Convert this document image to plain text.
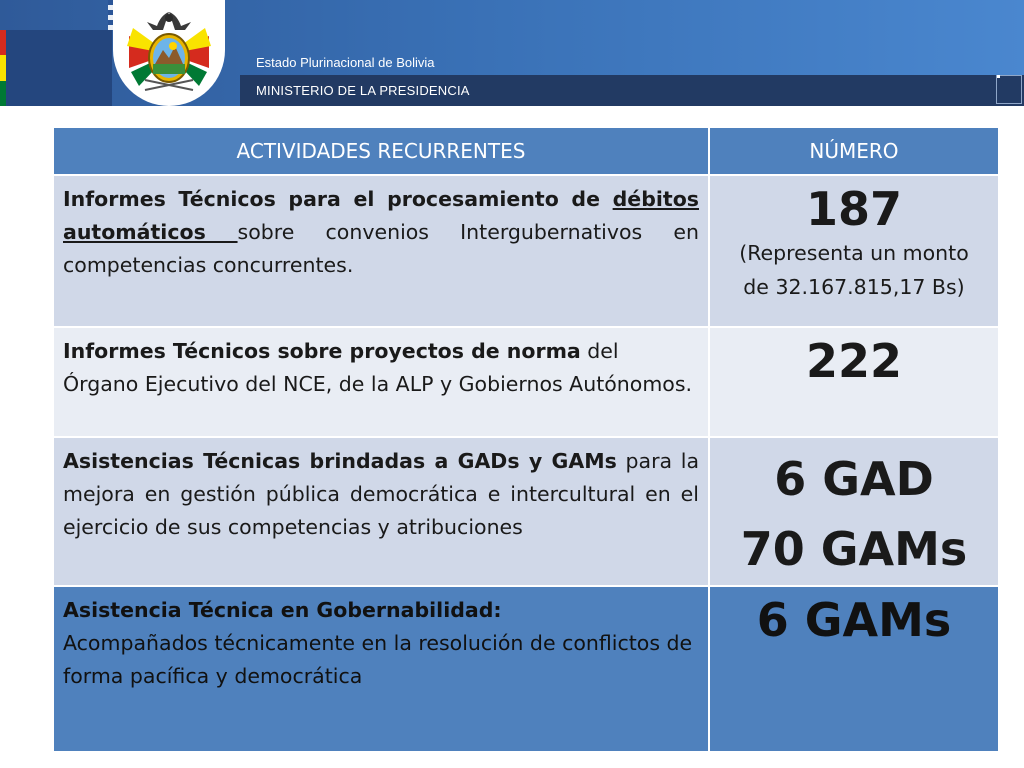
Estado Plurinacional de Bolivia
MINISTERIO DE LA PRESIDENCIA
ACTIVIDADES RECURRENTES	NÚMERO

Informes Técnicos para el procesamiento de débitos automáticos sobre convenios Intergubernativos en competencias concurrentes.	187
(Representa un monto
de 32.167.815,17 Bs)

Informes Técnicos sobre proyectos de norma del Órgano Ejecutivo del NCE, de la ALP y Gobiernos Autónomos.	222

Asistencias Técnicas brindadas a GADs y GAMs para la mejora en gestión pública democrática e intercultural en el ejercicio de sus competencias y atribuciones	6 GAD
70 GAMs

Asistencia Técnica en Gobernabilidad:
Acompañados técnicamente en la resolución de conflictos de forma pacífica y democrática	6 GAMs
